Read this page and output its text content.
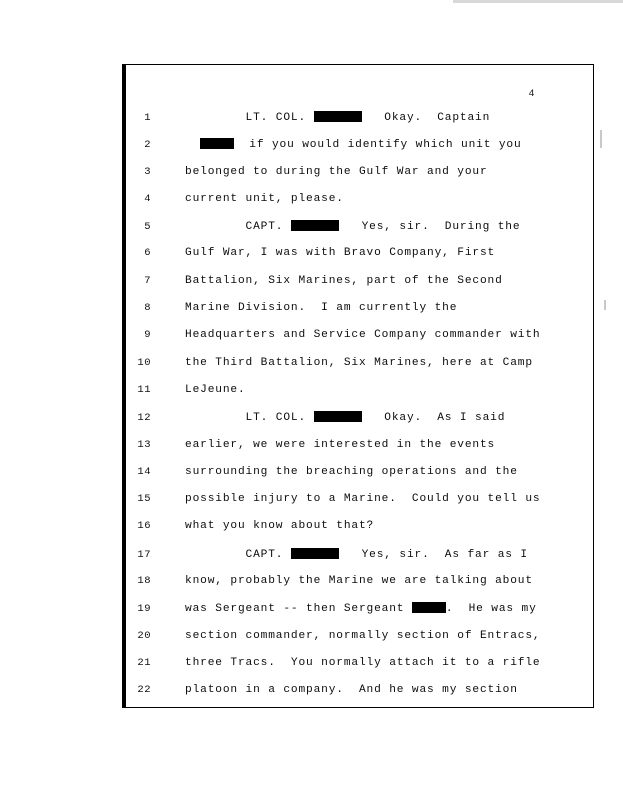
4
1	LT. COL.	Okay.  Captain
2	if you would identify which unit you
3	belonged to during the Gulf War and your
4	current unit, please.
5	CAPT.	Yes, sir.  During the
6	Gulf War, I was with Bravo Company, First
7	Battalion, Six Marines, part of the Second
8	Marine Division.  I am currently the
9	Headquarters and Service Company commander with
10	the Third Battalion, Six Marines, here at Camp
11	LeJeune.
12	LT. COL.	Okay.  As I said
13	earlier, we were interested in the events
14	surrounding the breaching operations and the
15	possible injury to a Marine.  Could you tell us
16	what you know about that?
17	CAPT.	Yes, sir.  As far as I
18	know, probably the Marine we are talking about
19	was Sergeant -- then Sergeant	.  He was my
20	section commander, normally section of Entracs,
21	three Tracs.  You normally attach it to a rifle
22	platoon in a company.  And he was my section
